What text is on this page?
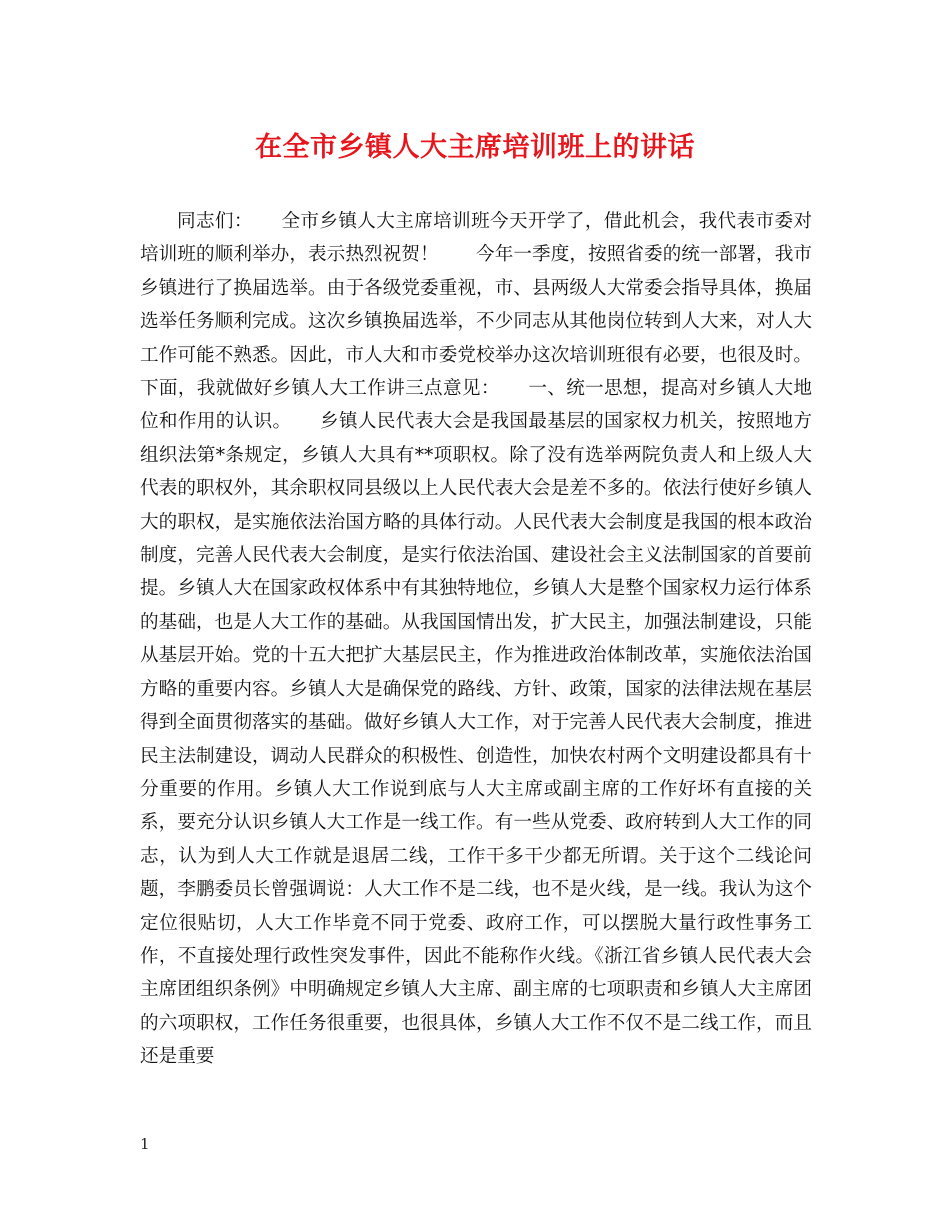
在全市乡镇人大主席培训班上的讲话

同志们：　　全市乡镇人大主席培训班今天开学了，借此机会，我代表市委对培训班的顺利举办，表示热烈祝贺！　　今年一季度，按照省委的统一部署，我市乡镇进行了换届选举。由于各级党委重视，市、县两级人大常委会指导具体，换届选举任务顺利完成。这次乡镇换届选举，不少同志从其他岗位转到人大来，对人大工作可能不熟悉。因此，市人大和市委党校举办这次培训班很有必要，也很及时。下面，我就做好乡镇人大工作讲三点意见：　　一、统一思想，提高对乡镇人大地位和作用的认识。　　乡镇人民代表大会是我国最基层的国家权力机关，按照地方组织法第*条规定，乡镇人大具有**项职权。除了没有选举两院负责人和上级人大代表的职权外，其余职权同县级以上人民代表大会是差不多的。依法行使好乡镇人大的职权，是实施依法治国方略的具体行动。人民代表大会制度是我国的根本政治制度，完善人民代表大会制度，是实行依法治国、建设社会主义法制国家的首要前提。乡镇人大在国家政权体系中有其独特地位，乡镇人大是整个国家权力运行体系的基础，也是人大工作的基础。从我国国情出发，扩大民主，加强法制建设，只能从基层开始。党的十五大把扩大基层民主，作为推进政治体制改革，实施依法治国方略的重要内容。乡镇人大是确保党的路线、方针、政策，国家的法律法规在基层得到全面贯彻落实的基础。做好乡镇人大工作，对于完善人民代表大会制度，推进民主法制建设，调动人民群众的积极性、创造性，加快农村两个文明建设都具有十分重要的作用。乡镇人大工作说到底与人大主席或副主席的工作好坏有直接的关系，要充分认识乡镇人大工作是一线工作。有一些从党委、政府转到人大工作的同志，认为到人大工作就是退居二线，工作干多干少都无所谓。关于这个二线论问题，李鹏委员长曾强调说：人大工作不是二线，也不是火线，是一线。我认为这个定位很贴切，人大工作毕竟不同于党委、政府工作，可以摆脱大量行政性事务工作，不直接处理行政性突发事件，因此不能称作火线。《浙江省乡镇人民代表大会主席团组织条例》中明确规定乡镇人大主席、副主席的七项职责和乡镇人大主席团的六项职权，工作任务很重要，也很具体，乡镇人大工作不仅不是二线工作，而且还是重要

1
